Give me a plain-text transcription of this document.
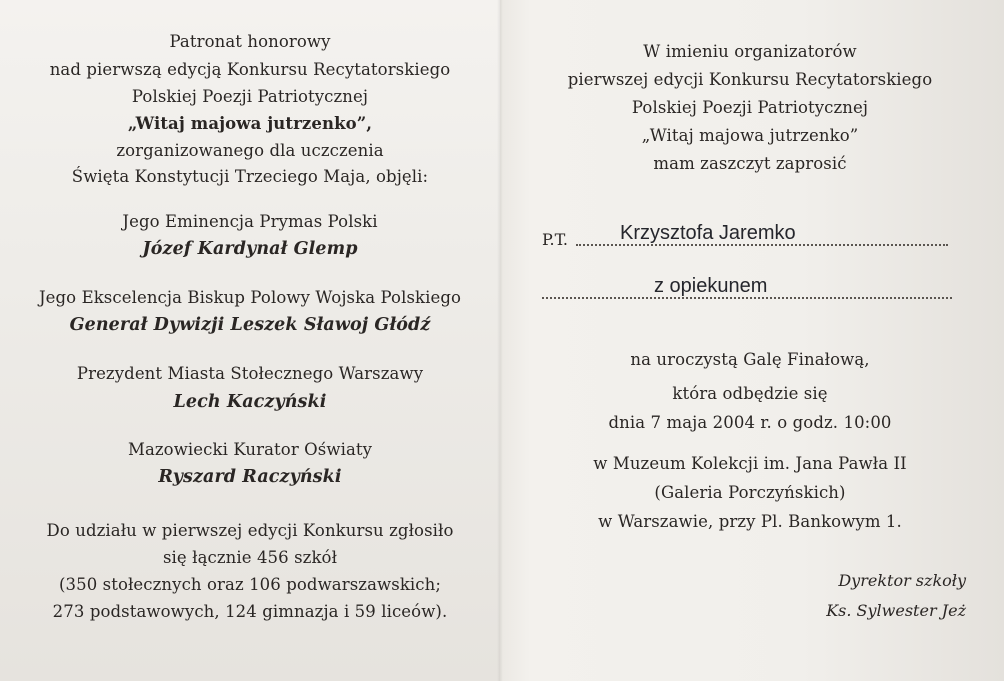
Patronat honorowy
nad pierwszą edycją Konkursu Recytatorskiego
Polskiej Poezji Patriotycznej
„Witaj majowa jutrzenko”,
zorganizowanego dla uczczenia
Święta Konstytucji Trzeciego Maja, objęli:
Jego Eminencja Prymas Polski
Józef Kardynał Glemp
Jego Ekscelencja Biskup Polowy Wojska Polskiego
Generał Dywizji Leszek Sławoj Głódź
Prezydent Miasta Stołecznego Warszawy
Lech Kaczyński
Mazowiecki Kurator Oświaty
Ryszard Raczyński
Do udziału w pierwszej edycji Konkursu zgłosiło
się łącznie 456 szkół
(350 stołecznych oraz 106 podwarszawskich;
273 podstawowych, 124 gimnazja i 59 liceów).
W imieniu organizatorów
pierwszej edycji Konkursu Recytatorskiego
Polskiej Poezji Patriotycznej
„Witaj majowa jutrzenko”
mam zaszczyt zaprosić
P.T.	Krzysztofa Jaremko
z opiekunem
na uroczystą Galę Finałową,
która odbędzie się
dnia 7 maja 2004 r. o godz. 10:00
w Muzeum Kolekcji im. Jana Pawła II
(Galeria Porczyńskich)
w Warszawie, przy Pl. Bankowym 1.
Dyrektor szkoły
Ks. Sylwester Jeż
